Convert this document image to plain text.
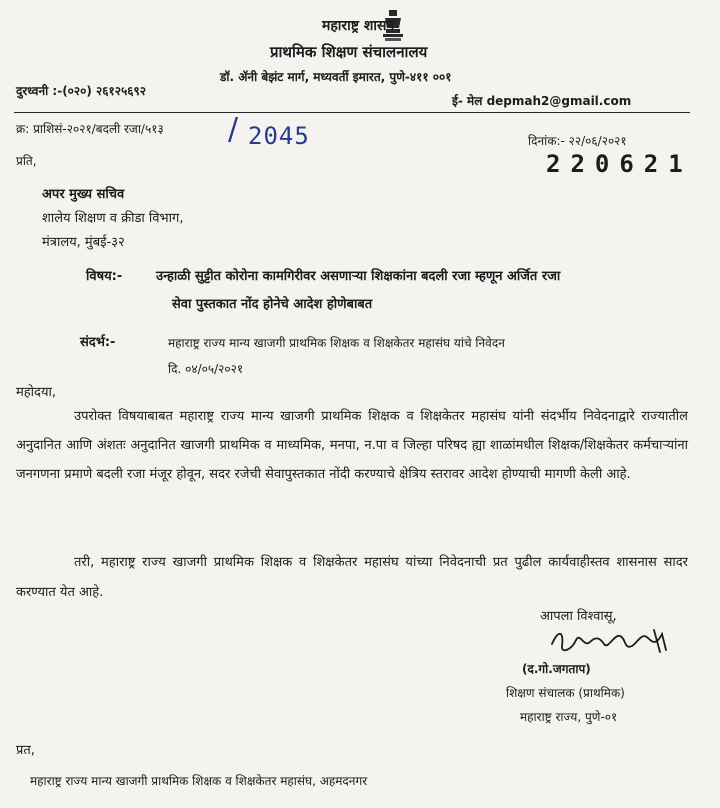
महाराष्ट्र शासन
प्राथमिक शिक्षण संचालनालय
डॉ. ॲनी बेझंट मार्ग, मध्यवर्ती इमारत, पुणे-४११ ००१
दुरध्वनी :-(०२०) २६१२५६९२
ई- मेल depmah2@gmail.com
क्र: प्राशिसं-२०२१/बदली रजा/५१३ / 2045	दिनांक:- २२/०६/२०२१
220621
प्रति,
अपर मुख्य सचिव
शालेय शिक्षण व क्रीडा विभाग,
मंत्रालय, मुंबई-३२
विषय:-	उन्हाळी सुट्टीत कोरोना कामगिरीवर असणाऱ्या शिक्षकांना बदली रजा म्हणून अर्जित रजा
सेवा पुस्तकात नोंद होनेचे आदेश होणेबाबत
संदर्भ:-	महाराष्ट्र राज्य मान्य खाजगी प्राथमिक शिक्षक व शिक्षकेतर महासंघ यांचे निवेदन
दि. ०४/०५/२०२१
महोदया,
उपरोक्त विषयाबाबत महाराष्ट्र राज्य मान्य खाजगी प्राथमिक शिक्षक व शिक्षकेतर महासंघ यांनी संदर्भीय निवेदनाद्वारे राज्यातील अनुदानित आणि अंशतः अनुदानित खाजगी प्राथमिक व माध्यमिक, मनपा, न.पा व जिल्हा परिषद ह्या शाळांमधील शिक्षक/शिक्षकेतर कर्मचाऱ्यांना जनगणना प्रमाणे बदली रजा मंजूर होवून, सदर रजेची सेवापुस्तकात नोंदी करण्याचे क्षेत्रिय स्तरावर आदेश होण्याची मागणी केली आहे.
तरी, महाराष्ट्र राज्य खाजगी प्राथमिक शिक्षक व शिक्षकेतर महासंघ यांच्या निवेदनाची प्रत पुढील कार्यवाहीस्तव शासनास सादर करण्यात येत आहे.
आपला विश्वासू,
(द.गो.जगताप)
शिक्षण संचालक (प्राथमिक)
महाराष्ट्र राज्य, पुणे-०१
प्रत,
महाराष्ट्र राज्य मान्य खाजगी प्राथमिक शिक्षक व शिक्षकेतर महासंघ, अहमदनगर
